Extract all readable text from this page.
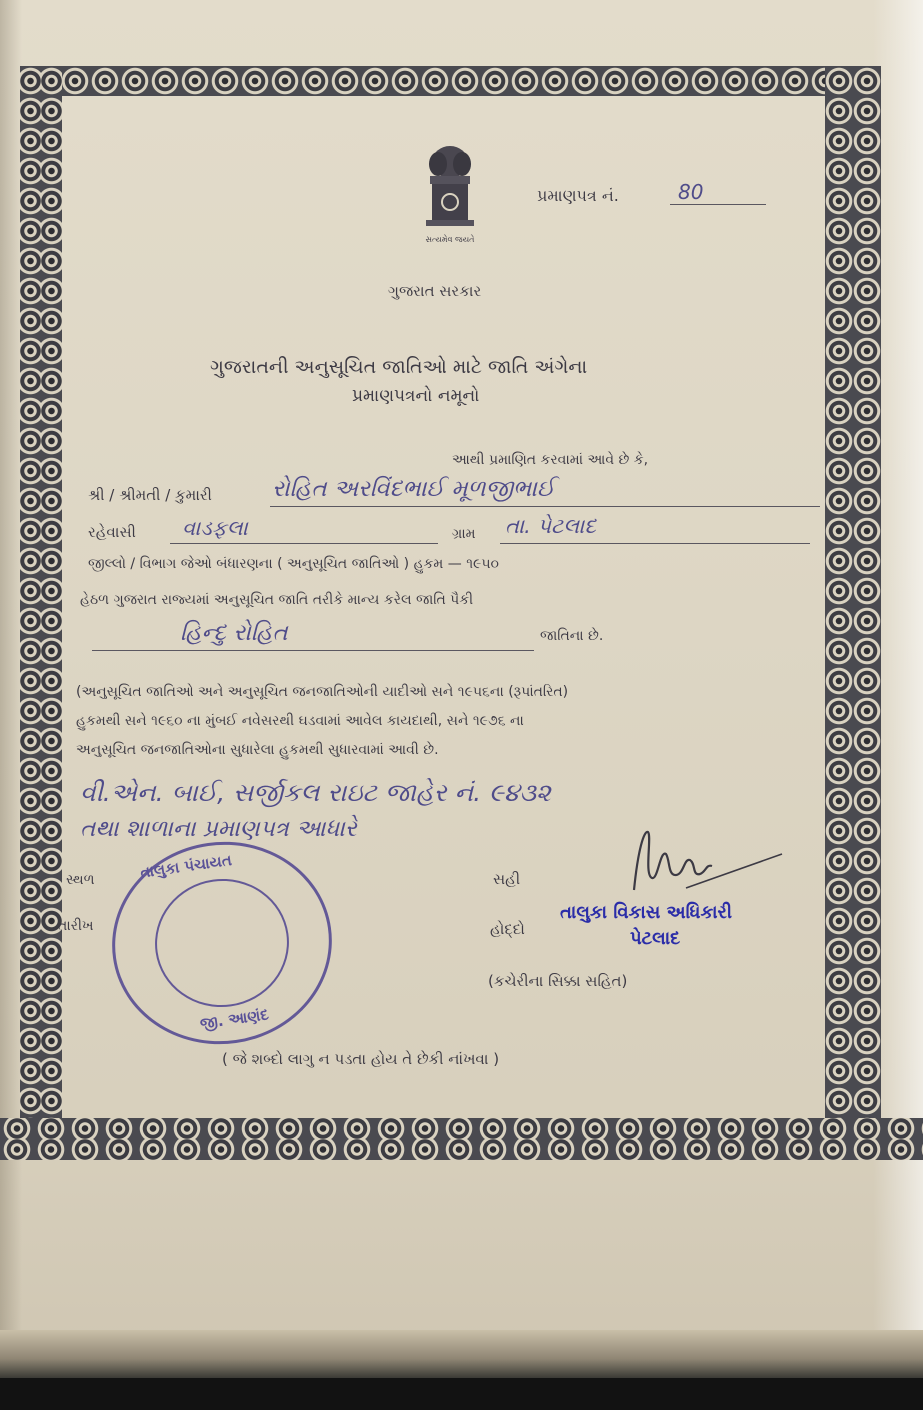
સત્યમેવ જયતે
પ્રમાણપત્ર નં.	80
ગુજરાત સરકાર
ગુજરાતની અનુસૂચિત જાતિઓ માટે જાતિ અંગેના
પ્રમાણપત્રનો નમૂનો
આથી પ્રમાણિત કરવામાં આવે છે કે,
શ્રી / શ્રીમતી / કુમારી	રોહિત અરવિંદભાઈ મૂળજીભાઈ
રહેવાસી વાડફલા	ગ્રામ તા. પેટલાદ
જીલ્લો / વિભાગ જેઓ બંધારણના ( અનુસૂચિત જાતિઓ ) હુકમ — ૧૯૫૦
હેઠળ ગુજરાત રાજ્યમાં અનુસૂચિત જાતિ તરીકે માન્ય કરેલ જાતિ પૈકી
હિન્દુ રોહિત	જાતિના છે.
(અનુસૂચિત જાતિઓ અને અનુસૂચિત જનજાતિઓની યાદીઓ સને ૧૯૫૬ના (રૂપાંતરિત)
હુકમથી સને ૧૯૬૦ ના મુંબઈ નવેસરથી ઘડવામાં આવેલ કાયદાથી, સને ૧૯૭૬ ના
અનુસૂચિત જનજાતિઓના સુધારેલા હુકમથી સુધારવામાં આવી છે.
વી.એન. બાઈ, સર્જીકલ રાઇટ જાહેર નં. ૯૪૩૨
તથા શાળાના પ્રમાણપત્ર આધારે
સ્થળ
તારીખ
તાલુકા પંચાયત
જી. આણંદ
સહી
હોદ્દો
તાલુકા વિકાસ અધિકારી
પેટલાદ
(કચેરીના સિક્કા સહિત)
( જે શબ્દો લાગુ ન પડતા હોય તે છેકી નાંખવા )
